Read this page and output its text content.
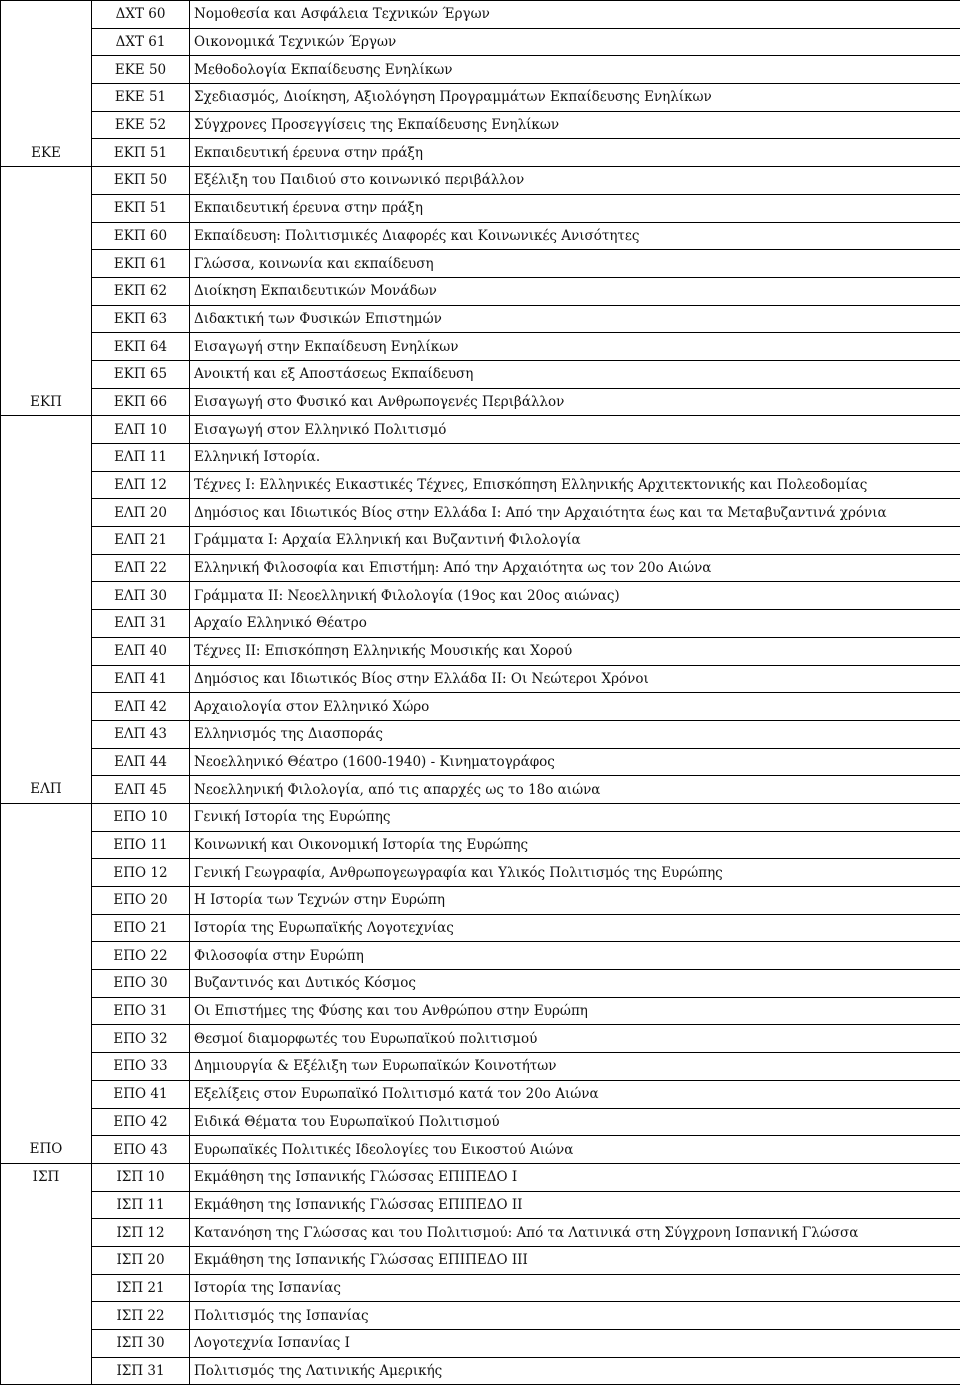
	ΔΧΤ 60	Νομοθεσία και Ασφάλεια Τεχνικών Έργων
	ΔΧΤ 61	Οικονομικά Τεχνικών Έργων
	ΕΚΕ 50	Μεθοδολογία Εκπαίδευσης Ενηλίκων
	ΕΚΕ 51	Σχεδιασμός, Διοίκηση, Αξιολόγηση Προγραμμάτων Εκπαίδευσης Ενηλίκων
	ΕΚΕ 52	Σύγχρονες Προσεγγίσεις της Εκπαίδευσης Ενηλίκων
ΕΚΕ	ΕΚΠ 51	Εκπαιδευτική έρευνα στην πράξη
	ΕΚΠ 50	Εξέλιξη του Παιδιού στο κοινωνικό περιβάλλον
	ΕΚΠ 51	Εκπαιδευτική έρευνα στην πράξη
	ΕΚΠ 60	Εκπαίδευση: Πολιτισμικές Διαφορές και Κοινωνικές Ανισότητες
	ΕΚΠ 61	Γλώσσα, κοινωνία και εκπαίδευση
	ΕΚΠ 62	Διοίκηση Εκπαιδευτικών Μονάδων
	ΕΚΠ 63	Διδακτική των Φυσικών Επιστημών
	ΕΚΠ 64	Εισαγωγή στην Εκπαίδευση Ενηλίκων
	ΕΚΠ 65	Ανοικτή και εξ Αποστάσεως Εκπαίδευση
ΕΚΠ	ΕΚΠ 66	Εισαγωγή στο Φυσικό και Ανθρωπογενές Περιβάλλον
	ΕΛΠ 10	Εισαγωγή στον Ελληνικό Πολιτισμό
	ΕΛΠ 11	Ελληνική Ιστορία.
	ΕΛΠ 12	Τέχνες Ι: Ελληνικές Εικαστικές Τέχνες, Επισκόπηση Ελληνικής Αρχιτεκτονικής και Πολεοδομίας
	ΕΛΠ 20	Δημόσιος και Ιδιωτικός Βίος στην Ελλάδα Ι: Από την Αρχαιότητα έως και τα Μεταβυζαντινά χρόνια
	ΕΛΠ 21	Γράμματα Ι: Αρχαία Ελληνική και Βυζαντινή Φιλολογία
	ΕΛΠ 22	Ελληνική Φιλοσοφία και Επιστήμη: Από την Αρχαιότητα ως τον 20ο Αιώνα
	ΕΛΠ 30	Γράμματα ΙΙ: Νεοελληνική Φιλολογία (19ος και 20ος αιώνας)
	ΕΛΠ 31	Αρχαίο Ελληνικό Θέατρο
	ΕΛΠ 40	Τέχνες ΙΙ: Επισκόπηση Ελληνικής Μουσικής και Χορού
	ΕΛΠ 41	Δημόσιος και Ιδιωτικός Βίος στην Ελλάδα ΙΙ: Οι Νεώτεροι Χρόνοι
	ΕΛΠ 42	Αρχαιολογία στον Ελληνικό Χώρο
	ΕΛΠ 43	Ελληνισμός της Διασποράς
	ΕΛΠ 44	Νεοελληνικό Θέατρο (1600-1940) - Κινηματογράφος
ΕΛΠ	ΕΛΠ 45	Νεοελληνική Φιλολογία, από τις απαρχές ως το 18ο αιώνα
	ΕΠΟ 10	Γενική Ιστορία της Ευρώπης
	ΕΠΟ 11	Κοινωνική και Οικονομική Ιστορία της Ευρώπης
	ΕΠΟ 12	Γενική Γεωγραφία, Ανθρωπογεωγραφία και Υλικός Πολιτισμός της Ευρώπης
	ΕΠΟ 20	Η Ιστορία των Τεχνών στην Ευρώπη
	ΕΠΟ 21	Ιστορία της Ευρωπαϊκής Λογοτεχνίας
	ΕΠΟ 22	Φιλοσοφία στην Ευρώπη
	ΕΠΟ 30	Βυζαντινός και Δυτικός Κόσμος
	ΕΠΟ 31	Οι Επιστήμες της Φύσης και του Ανθρώπου στην Ευρώπη
	ΕΠΟ 32	Θεσμοί διαμορφωτές του Ευρωπαϊκού πολιτισμού
	ΕΠΟ 33	Δημιουργία & Εξέλιξη των Ευρωπαϊκών Κοινοτήτων
	ΕΠΟ 41	Εξελίξεις στον Ευρωπαϊκό Πολιτισμό κατά τον 20ο Αιώνα
	ΕΠΟ 42	Ειδικά Θέματα του Ευρωπαϊκού Πολιτισμού
ΕΠΟ	ΕΠΟ 43	Ευρωπαϊκές Πολιτικές Ιδεολογίες του Εικοστού Αιώνα
ΙΣΠ	ΙΣΠ 10	Εκμάθηση της Ισπανικής Γλώσσας ΕΠΙΠΕΔΟ Ι
	ΙΣΠ 11	Εκμάθηση της Ισπανικής Γλώσσας ΕΠΙΠΕΔΟ ΙΙ
	ΙΣΠ 12	Κατανόηση της Γλώσσας και του Πολιτισμού: Από τα Λατινικά στη Σύγχρονη Ισπανική Γλώσσα
	ΙΣΠ 20	Εκμάθηση της Ισπανικής Γλώσσας ΕΠΙΠΕΔΟ ΙΙΙ
	ΙΣΠ 21	Ιστορία της Ισπανίας
	ΙΣΠ 22	Πολιτισμός της Ισπανίας
	ΙΣΠ 30	Λογοτεχνία Ισπανίας Ι
	ΙΣΠ 31	Πολιτισμός της Λατινικής Αμερικής
